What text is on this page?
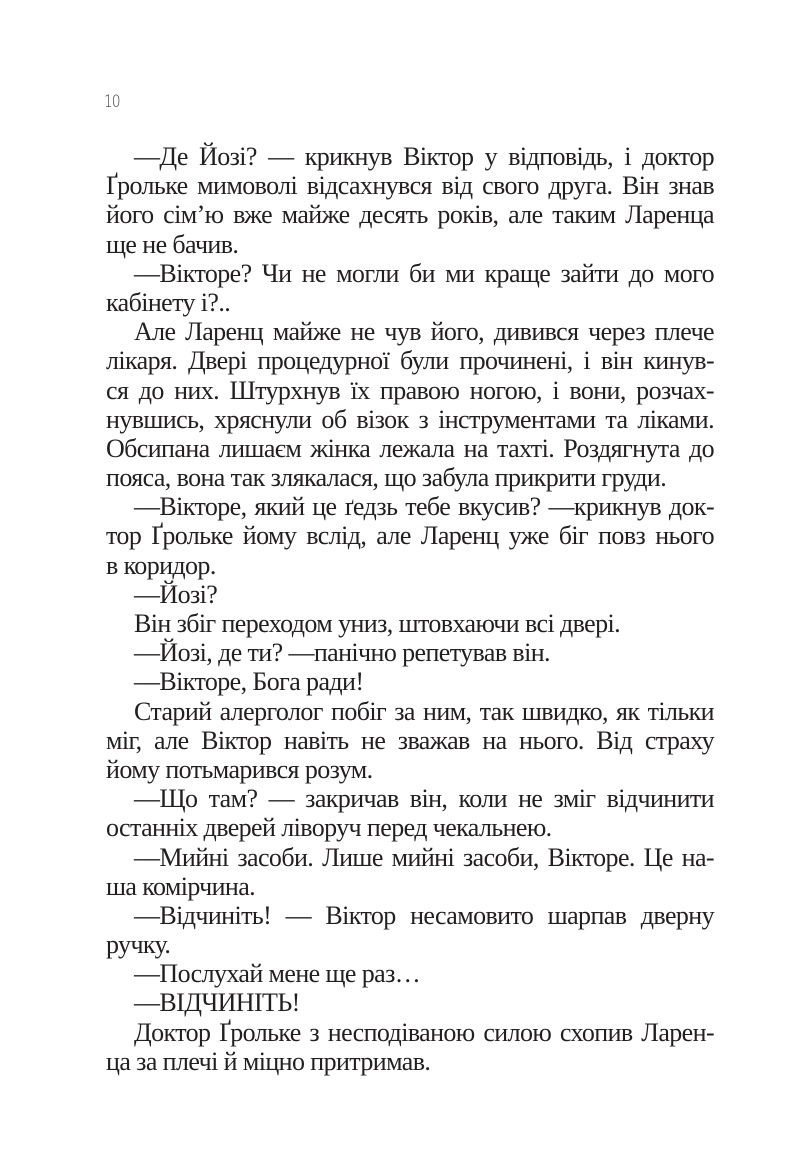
10
—Де Йозі? — крикнув Віктор у відповідь, і доктор
Ґрольке мимоволі відсахнувся від свого друга. Він знав
його сім’ю вже майже десять років, але таким Ларенца
ще не бачив.
—Вікторе? Чи не могли би ми краще зайти до мого
кабінету і?..
Але Ларенц майже не чув його, дивився через плече
лікаря. Двері процедурної були прочинені, і він кинув-
ся до них. Штурхнув їх правою ногою, і вони, розчах-
нувшись, хряснули об візок з інструментами та ліками.
Обсипана лишаєм жінка лежала на тахті. Роздягнута до
пояса, вона так злякалася, що забула прикрити груди.
—Вікторе, який це ґедзь тебе вкусив? —крикнув док-
тор Ґрольке йому вслід, але Ларенц уже біг повз нього
в коридор.
—Йозі?
Він збіг переходом униз, штовхаючи всі двері.
—Йозі, де ти? —панічно репетував він.
—Вікторе, Бога ради!
Старий алерголог побіг за ним, так швидко, як тільки
міг, але Віктор навіть не зважав на нього. Від страху
йому потьмарився розум.
—Що там? — закричав він, коли не зміг відчинити
останніх дверей ліворуч перед чекальнею.
—Мийні засоби. Лише мийні засоби, Вікторе. Це на-
ша комірчина.
—Відчиніть! — Віктор несамовито шарпав дверну
ручку.
—Послухай мене ще раз…
—ВІДЧИНІТЬ!
Доктор Ґрольке з несподіваною силою схопив Ларен-
ца за плечі й міцно притримав.
